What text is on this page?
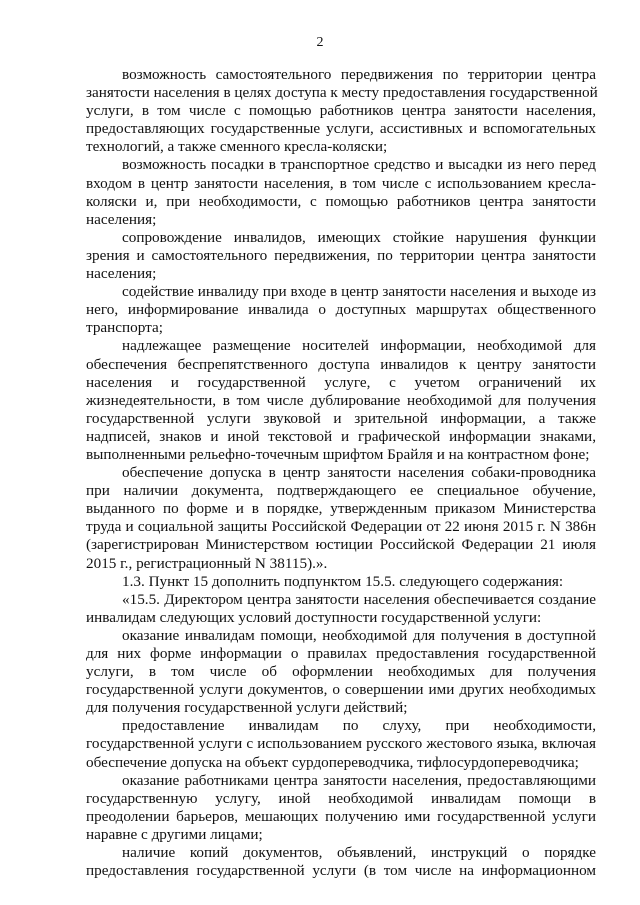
2
возможность самостоятельного передвижения по территории центра
занятости населения в целях доступа к месту предоставления государственной
услуги, в том числе с помощью работников центра занятости населения,
предоставляющих государственные услуги, ассистивных и вспомогательных
технологий, а также сменного кресла-коляски;
возможность посадки в транспортное средство и высадки из него перед
входом в центр занятости населения, в том числе с использованием кресла-
коляски и, при необходимости, с помощью работников центра занятости
населения;
сопровождение инвалидов, имеющих стойкие нарушения функции
зрения и самостоятельного передвижения, по территории центра занятости
населения;
содействие инвалиду при входе в центр занятости населения и выходе из
него, информирование инвалида о доступных маршрутах общественного
транспорта;
надлежащее размещение носителей информации, необходимой для
обеспечения беспрепятственного доступа инвалидов к центру занятости
населения и государственной услуге, с учетом ограничений их
жизнедеятельности, в том числе дублирование необходимой для получения
государственной услуги звуковой и зрительной информации, а также
надписей, знаков и иной текстовой и графической информации знаками,
выполненными рельефно-точечным шрифтом Брайля и на контрастном фоне;
обеспечение допуска в центр занятости населения собаки-проводника
при наличии документа, подтверждающего ее специальное обучение,
выданного по форме и в порядке, утвержденным приказом Министерства
труда и социальной защиты Российской Федерации от 22 июня 2015 г. N 386н
(зарегистрирован Министерством юстиции Российской Федерации 21 июля
2015 г., регистрационный N 38115).».
1.3. Пункт 15 дополнить подпунктом 15.5. следующего содержания:
«15.5. Директором центра занятости населения обеспечивается создание
инвалидам следующих условий доступности государственной услуги:
оказание инвалидам помощи, необходимой для получения в доступной
для них форме информации о правилах предоставления государственной
услуги, в том числе об оформлении необходимых для получения
государственной услуги документов, о совершении ими других необходимых
для получения государственной услуги действий;
предоставление инвалидам по слуху, при необходимости,
государственной услуги с использованием русского жестового языка, включая
обеспечение допуска на объект сурдопереводчика, тифлосурдопереводчика;
оказание работниками центра занятости населения, предоставляющими
государственную услугу, иной необходимой инвалидам помощи в
преодолении барьеров, мешающих получению ими государственной услуги
наравне с другими лицами;
наличие копий документов, объявлений, инструкций о порядке
предоставления государственной услуги (в том числе на информационном
